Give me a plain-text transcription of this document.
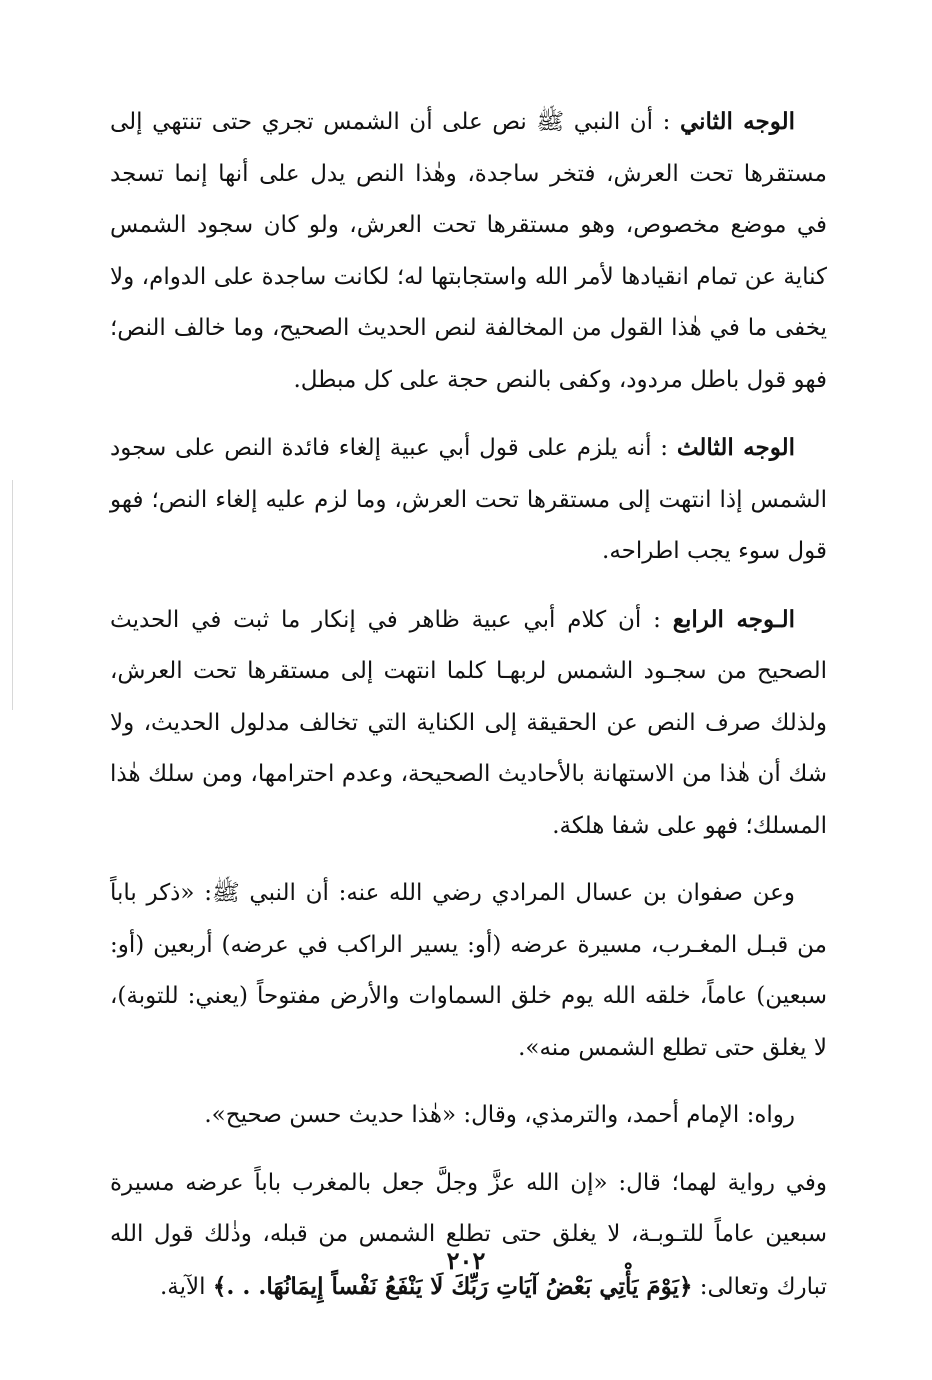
الوجه الثاني : أن النبي ﷺ نص على أن الشمس تجري حتى تنتهي إلى مستقرها تحت العرش، فتخر ساجدة، وهٰذا النص يدل على أنها إنما تسجد في موضع مخصوص، وهو مستقرها تحت العرش، ولو كان سجود الشمس كناية عن تمام انقيادها لأمر الله واستجابتها له؛ لكانت ساجدة على الدوام، ولا يخفى ما في هٰذا القول من المخالفة لنص الحديث الصحيح، وما خالف النص؛ فهو قول باطل مردود، وكفى بالنص حجة على كل مبطل.

الوجه الثالث : أنه يلزم على قول أبي عبية إلغاء فائدة النص على سجود الشمس إذا انتهت إلى مستقرها تحت العرش، وما لزم عليه إلغاء النص؛ فهو قول سوء يجب اطراحه.

الـوجه الرابع : أن كلام أبي عبية ظاهر في إنكار ما ثبت في الحديث الصحيح من سجـود الشمس لربهـا كلما انتهت إلى مستقرها تحت العرش، ولذلك صرف النص عن الحقيقة إلى الكناية التي تخالف مدلول الحديث، ولا شك أن هٰذا من الاستهانة بالأحاديث الصحيحة، وعدم احترامها، ومن سلك هٰذا المسلك؛ فهو على شفا هلكة.

وعن صفوان بن عسال المرادي رضي الله عنه: أن النبي ﷺ: «ذكر باباً من قبـل المغـرب، مسيرة عرضه (أو: يسير الراكب في عرضه) أربعين (أو: سبعين) عاماً، خلقه الله يوم خلق السماوات والأرض مفتوحاً (يعني: للتوبة)، لا يغلق حتى تطلع الشمس منه».

رواه: الإمام أحمد، والترمذي، وقال: «هٰذا حديث حسن صحيح».

وفي رواية لهما؛ قال: «إن الله عزَّ وجلَّ جعل بالمغرب باباً عرضه مسيرة سبعين عاماً للتـوبـة، لا يغلق حتى تطلع الشمس من قبله، وذٰلك قول الله تبارك وتعالى: ﴿يَوْمَ يَأْتِي بَعْضُ آيَاتِ رَبِّكَ لَا يَنْفَعُ نَفْساً إِيمَانُهَا. . .﴾ الآية.

٢٠٢
